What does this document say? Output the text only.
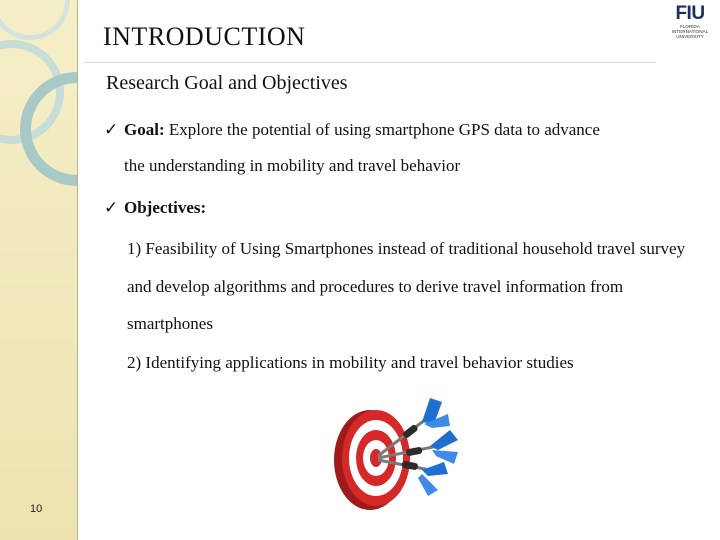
INTRODUCTION
FIU
FLORIDA
INTERNATIONAL
UNIVERSITY
Research Goal and Objectives
✓ Goal: Explore the potential of using smartphone GPS data to advance
the understanding in mobility and travel behavior
✓ Objectives:
1) Feasibility of Using Smartphones instead of traditional household travel survey and develop algorithms and procedures to derive travel information from smartphones
2) Identifying applications in mobility and travel behavior studies
10
